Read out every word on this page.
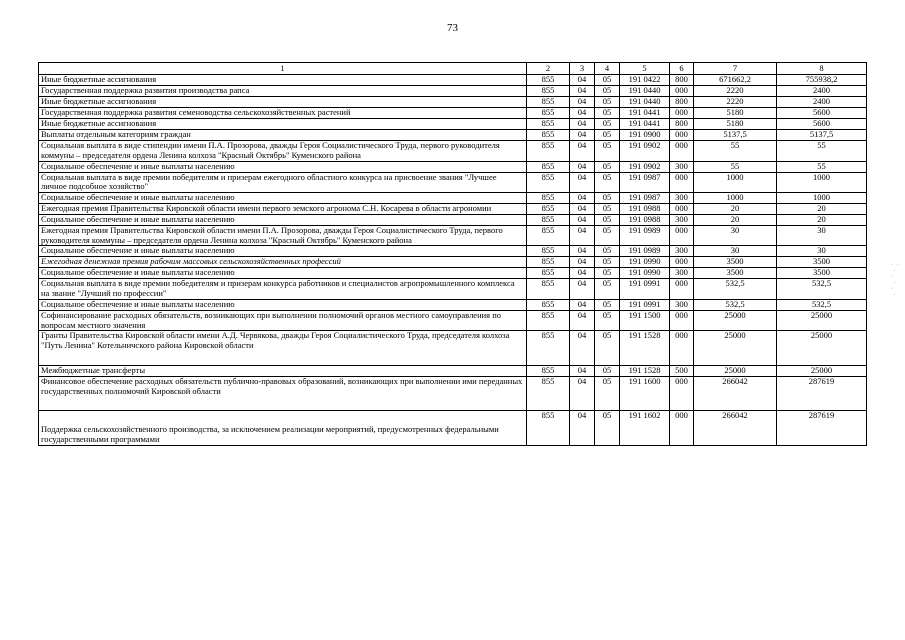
73
1	2	3	4	5	6	7	8
Иные бюджетные ассигнования	855	04	05	191 0422	800	671662,2	755938,2
Государственная поддержка развития производства рапса	855	04	05	191 0440	000	2220	2400
Иные бюджетные ассигнования	855	04	05	191 0440	800	2220	2400
Государственная поддержка развития семеноводства сельскохозяйственных растений	855	04	05	191 0441	000	5180	5600
Иные бюджетные ассигнования	855	04	05	191 0441	800	5180	5600
Выплаты отдельным категориям граждан	855	04	05	191 0900	000	5137,5	5137,5
Социальная выплата в виде стипендии имени П.А. Прозорова, дважды Героя Социалистического Труда, первого руководителя коммуны – председателя ордена Ленина колхоза "Красный Октябрь" Куменского района	855	04	05	191 0902	000	55	55
Социальное обеспечение и иные выплаты населению	855	04	05	191 0902	300	55	55
Социальная выплата в виде премии победителям и призерам ежегодного областного конкурса на присвоение звания "Лучшее личное подсобное хозяйство"	855	04	05	191 0987	000	1000	1000
Социальное обеспечение и иные выплаты населению	855	04	05	191 0987	300	1000	1000
Ежегодная премия Правительства Кировской области имени первого земского агронома С.Н. Косарева в области агрономии	855	04	05	191 0988	000	20	20
Социальное обеспечение и иные выплаты населению	855	04	05	191 0988	300	20	20
Ежегодная премия Правительства Кировской области имени П.А. Прозорова, дважды Героя Социалистического Труда, первого руководителя коммуны – председателя ордена Ленина колхоза "Красный Октябрь" Куменского района	855	04	05	191 0989	000	30	30
Социальное обеспечение и иные выплаты населению	855	04	05	191 0989	300	30	30
Ежегодная денежная премия рабочим массовых сельскохозяйственных профессий	855	04	05	191 0990	000	3500	3500
Социальное обеспечение и иные выплаты населению	855	04	05	191 0990	300	3500	3500
Социальная выплата в виде премии победителям и призерам конкурса работников и специалистов агропромышленного комплекса на звание "Лучший по профессии"	855	04	05	191 0991	000	532,5	532,5
Социальное обеспечение и иные выплаты населению	855	04	05	191 0991	300	532,5	532,5
Софинансирование расходных обязательств, возникающих при выполнении полномочий органов местного самоуправления по вопросам местного значения	855	04	05	191 1500	000	25000	25000
Гранты Правительства Кировской области имени А.Д. Червякова, дважды Героя Социалистического Труда, председателя колхоза "Путь Ленина" Котельничского района Кировской области	855	04	05	191 1528	000	25000	25000
Межбюджетные трансферты	855	04	05	191 1528	500	25000	25000
Финансовое обеспечение расходных обязательств публично-правовых образований, возникающих при выполнении ими переданных государственных полномочий Кировской области	855	04	05	191 1600	000	266042	287619
Поддержка сельскохозяйственного производства, за исключением реализации мероприятий, предусмотренных федеральными государственными программами	855	04	05	191 1602	000	266042	287619
· ·
·
·
·
·
·
